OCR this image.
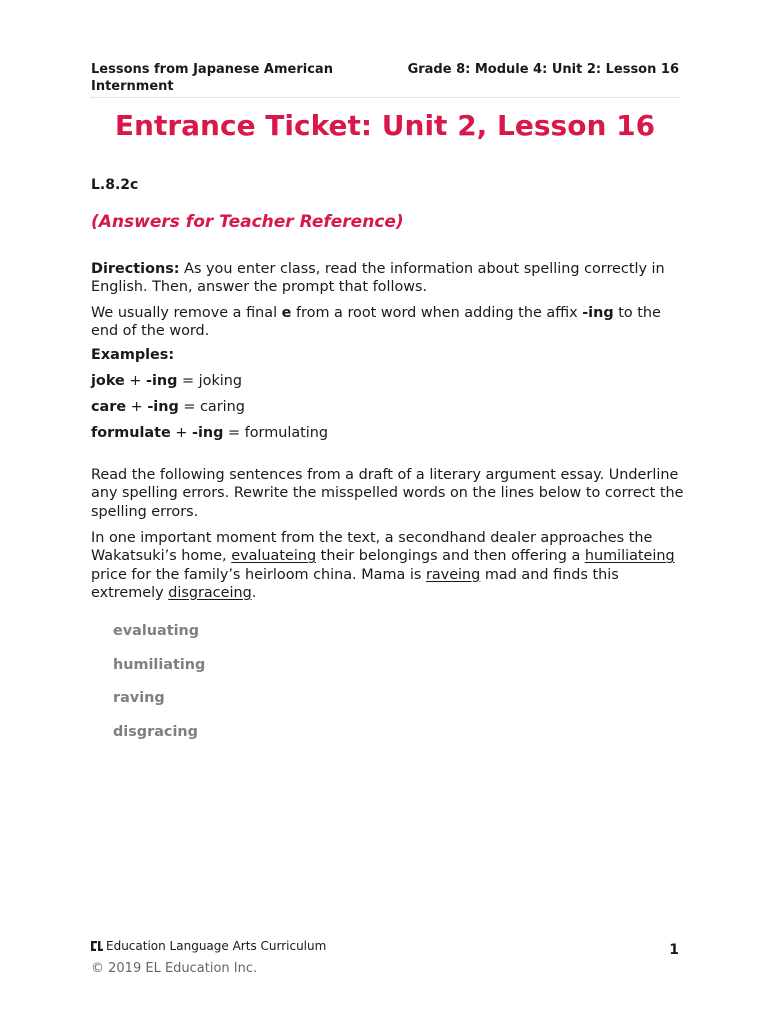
Lessons from Japanese American Internment
Grade 8: Module 4: Unit 2: Lesson 16
Entrance Ticket: Unit 2, Lesson 16
L.8.2c
(Answers for Teacher Reference)

Directions: As you enter class, read the information about spelling correctly in English. Then, answer the prompt that follows.

We usually remove a final e from a root word when adding the affix -ing to the end of the word.

Examples:
joke + -ing = joking
care + -ing = caring
formulate + -ing = formulating

Read the following sentences from a draft of a literary argument essay. Underline any spelling errors. Rewrite the misspelled words on the lines below to correct the spelling errors.

In one important moment from the text, a secondhand dealer approaches the Wakatsuki’s home, evaluateing their belongings and then offering a humiliateing price for the family’s heirloom china. Mama is raveing mad and finds this extremely disgraceing.

evaluating
humiliating
raving
disgracing
Education Language Arts Curriculum	1
© 2019 EL Education Inc.
